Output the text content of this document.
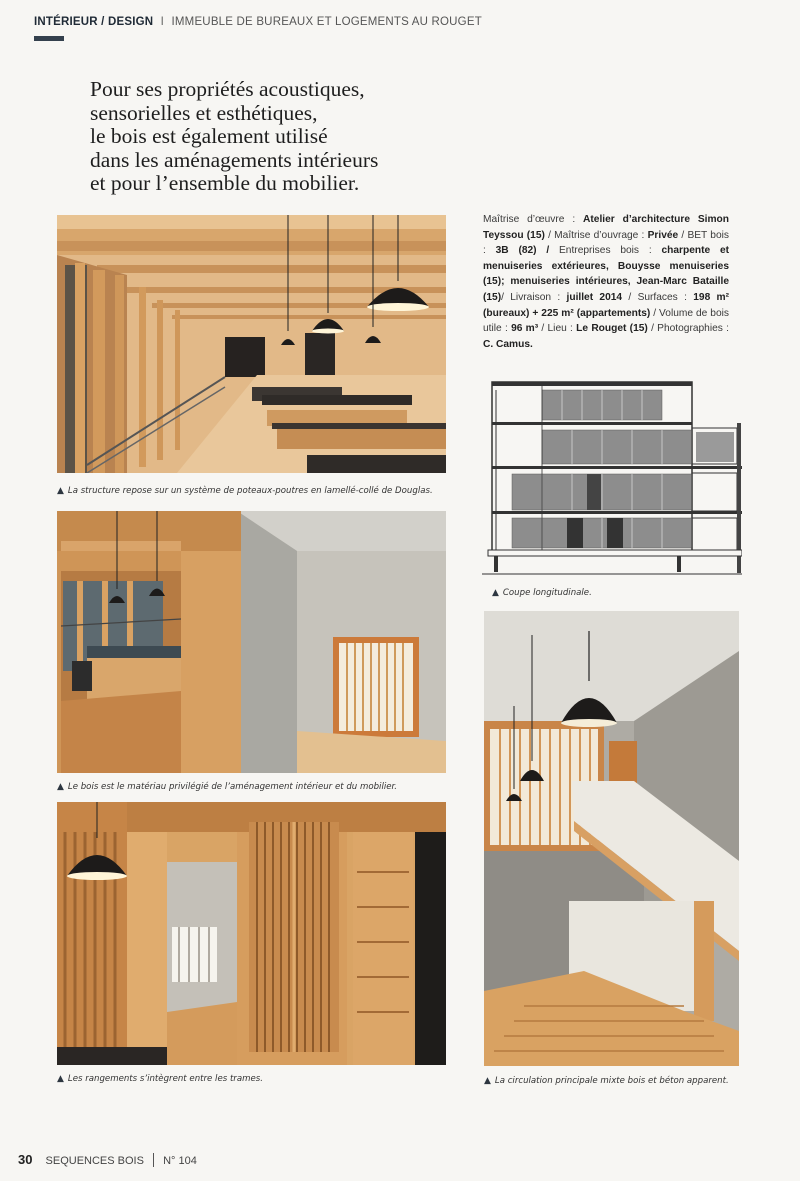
INTÉRIEUR / DESIGN I IMMEUBLE DE BUREAUX ET LOGEMENTS AU ROUGET
Pour ses propriétés acoustiques,
sensorielles et esthétiques,
le bois est également utilisé
dans les aménagements intérieurs
et pour l’ensemble du mobilier.
Maîtrise d’œuvre : Atelier d’architecture Simon Teyssou (15) / Maîtrise d’ouvrage : Privée / BET bois : 3B (82) / Entreprises bois : charpente et menuiseries extérieures, Bouysse menuiseries (15); menuiseries intérieures, Jean-Marc Bataille (15)/ Livraison : juillet 2014 / Surfaces : 198 m² (bureaux) + 225 m² (appartements) / Volume de bois utile : 96 m³ / Lieu : Le Rouget (15) / Photographies : C. Camus.
▲ La structure repose sur un système de poteaux-poutres en lamellé-collé de Douglas.
▲ Coupe longitudinale.
▲ Le bois est le matériau privilégié de l’aménagement intérieur et du mobilier.
▲ Les rangements s’intègrent entre les trames.	▲ La circulation principale mixte bois et béton apparent.
30 SEQUENCES BOIS N° 104
